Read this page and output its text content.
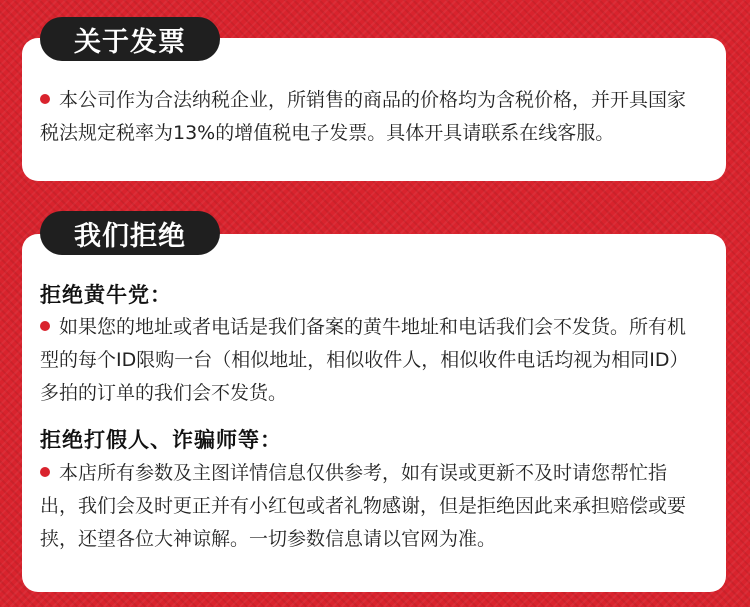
关于发票

本公司作为合法纳税企业，所销售的商品的价格均为含税价格，并开具国家税法规定税率为13%的增值税电子发票。具体开具请联系在线客服。

我们拒绝

拒绝黄牛党：

如果您的地址或者电话是我们备案的黄牛地址和电话我们会不发货。所有机型的每个ID限购一台（相似地址，相似收件人，相似收件电话均视为相同ID）多拍的订单的我们会不发货。

拒绝打假人、诈骗师等：

本店所有参数及主图详情信息仅供参考，如有误或更新不及时请您帮忙指出，我们会及时更正并有小红包或者礼物感谢，但是拒绝因此来承担赔偿或要挟，还望各位大神谅解。一切参数信息请以官网为准。
